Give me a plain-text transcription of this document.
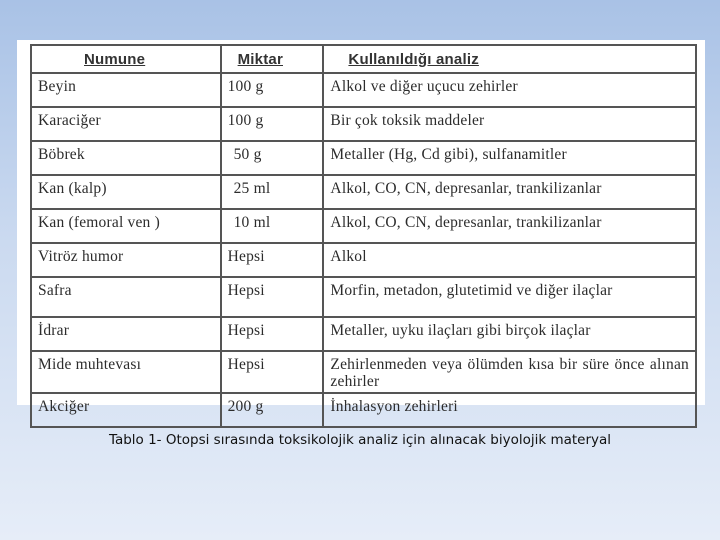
Numune	Miktar	Kullanıldığı analiz
Beyin	100 g	Alkol ve diğer uçucu zehirler
Karaciğer	100 g	Bir çok toksik maddeler
Böbrek	50 g	Metaller (Hg, Cd gibi), sulfanamitler
Kan (kalp)	25 ml	Alkol, CO, CN, depresanlar, trankilizanlar
Kan (femoral ven )	10 ml	Alkol, CO, CN, depresanlar, trankilizanlar
Vitröz humor	Hepsi	Alkol
Safra	Hepsi	Morfin, metadon, glutetimid ve diğer ilaçlar
İdrar	Hepsi	Metaller, uyku ilaçları gibi birçok ilaçlar
Mide muhtevası	Hepsi	Zehirlenmeden veya ölümden kısa bir süre önce alınan zehirler
Akciğer	200 g	İnhalasyon zehirleri
Tablo 1- Otopsi sırasında toksikolojik analiz için alınacak biyolojik materyal
